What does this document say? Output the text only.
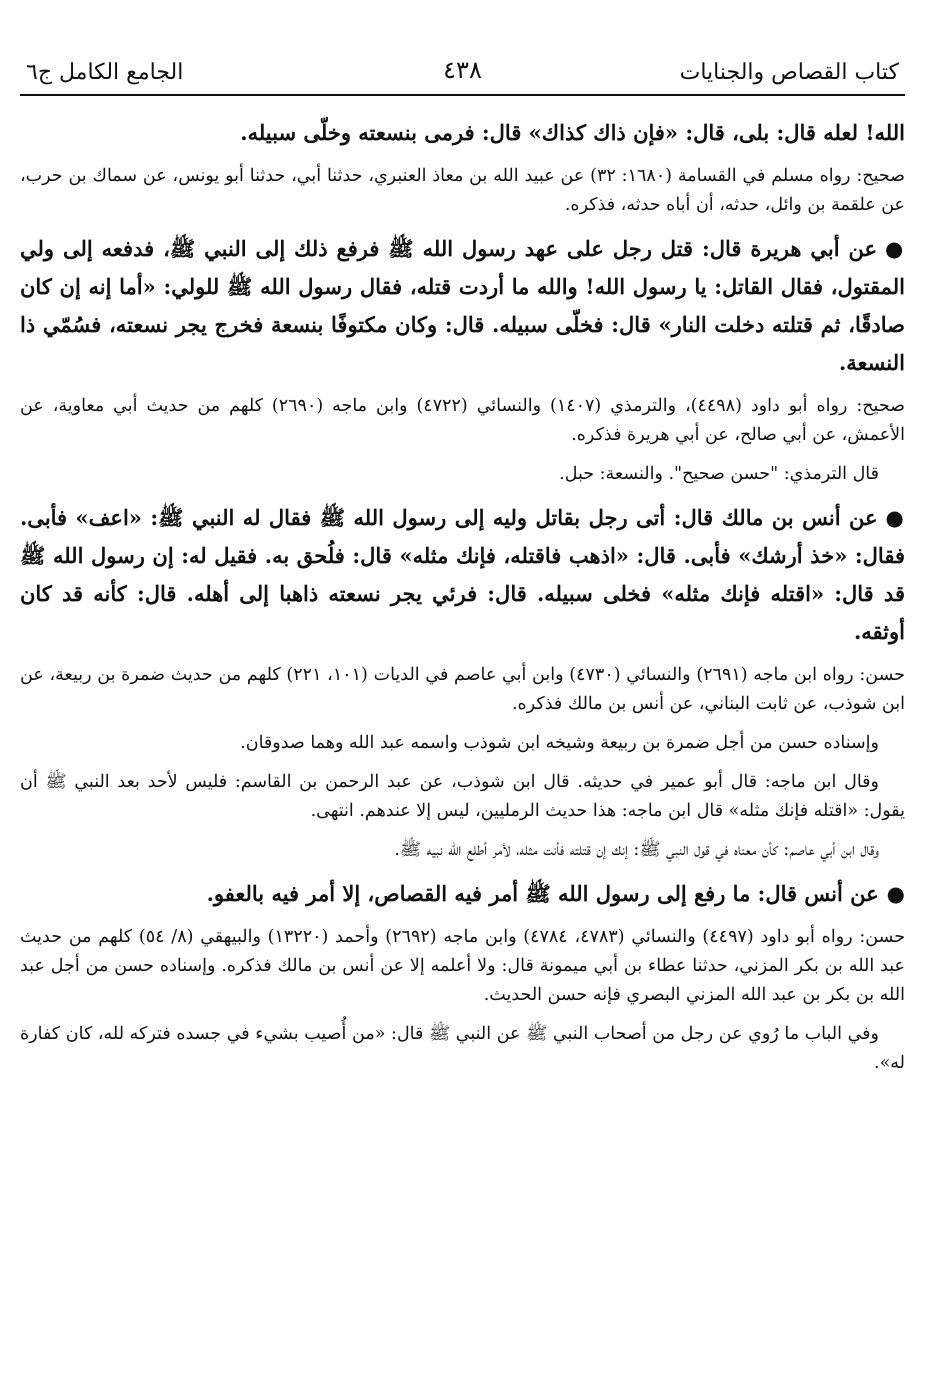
كتاب القصاص والجنايات
٤٣٨
الجامع الكامل ج٦

الله! لعله قال: بلى، قال: «فإن ذاك كذاك» قال: فرمى بنسعته وخلّى سبيله.

صحيح: رواه مسلم في القسامة (١٦٨٠: ٣٢) عن عبيد الله بن معاذ العنبري، حدثنا أبي، حدثنا أبو يونس، عن سماك بن حرب، عن علقمة بن وائل، حدثه، أن أباه حدثه، فذكره.

●عن أبي هريرة قال: قتل رجل على عهد رسول الله ﷺ فرفع ذلك إلى النبي ﷺ، فدفعه إلى ولي المقتول، فقال القاتل: يا رسول الله! والله ما أردت قتله، فقال رسول الله ﷺ للولي: «أما إنه إن كان صادقًا، ثم قتلته دخلت النار» قال: فخلّى سبيله. قال: وكان مكتوفًا بنسعة فخرج يجر نسعته، فسُمّي ذا النسعة.

صحيح: رواه أبو داود (٤٤٩٨)، والترمذي (١٤٠٧) والنسائي (٤٧٢٢) وابن ماجه (٢٦٩٠) كلهم من حديث أبي معاوية، عن الأعمش، عن أبي صالح، عن أبي هريرة فذكره.

قال الترمذي: "حسن صحيح". والنسعة: حبل.

●عن أنس بن مالك قال: أتى رجل بقاتل وليه إلى رسول الله ﷺ فقال له النبي ﷺ: «اعف» فأبى. فقال: «خذ أرشك» فأبى. قال: «اذهب فاقتله، فإنك مثله» قال: فلُحق به. فقيل له: إن رسول الله ﷺ قد قال: «اقتله فإنك مثله» فخلى سبيله. قال: فرئي يجر نسعته ذاهبا إلى أهله. قال: كأنه قد كان أوثقه.

حسن: رواه ابن ماجه (٢٦٩١) والنسائي (٤٧٣٠) وابن أبي عاصم في الديات (١٠١، ٢٢١) كلهم من حديث ضمرة بن ربيعة، عن ابن شوذب، عن ثابت البناني، عن أنس بن مالك فذكره.

وإسناده حسن من أجل ضمرة بن ربيعة وشيخه ابن شوذب واسمه عبد الله وهما صدوقان.

وقال ابن ماجه: قال أبو عمير في حديثه. قال ابن شوذب، عن عبد الرحمن بن القاسم: فليس لأحد بعد النبي ﷺ أن يقول: «اقتله فإنك مثله» قال ابن ماجه: هذا حديث الرمليين، ليس إلا عندهم. انتهى.

وقال ابن أبي عاصم: كأن معناه في قول النبي ﷺ: إنك إن قتلته فأنت مثله، لأمر أطلع الله نبيه ﷺ.

●عن أنس قال: ما رفع إلى رسول الله ﷺ أمر فيه القصاص، إلا أمر فيه بالعفو.

حسن: رواه أبو داود (٤٤٩٧) والنسائي (٤٧٨٣، ٤٧٨٤) وابن ماجه (٢٦٩٢) وأحمد (١٣٢٢٠) والبيهقي (٨/ ٥٤) كلهم من حديث عبد الله بن بكر المزني، حدثنا عطاء بن أبي ميمونة قال: ولا أعلمه إلا عن أنس بن مالك فذكره. وإسناده حسن من أجل عبد الله بن بكر بن عبد الله المزني البصري فإنه حسن الحديث.

وفي الباب ما رُوي عن رجل من أصحاب النبي ﷺ عن النبي ﷺ قال: «من أُصيب بشيء في جسده فتركه لله، كان كفارة له».
